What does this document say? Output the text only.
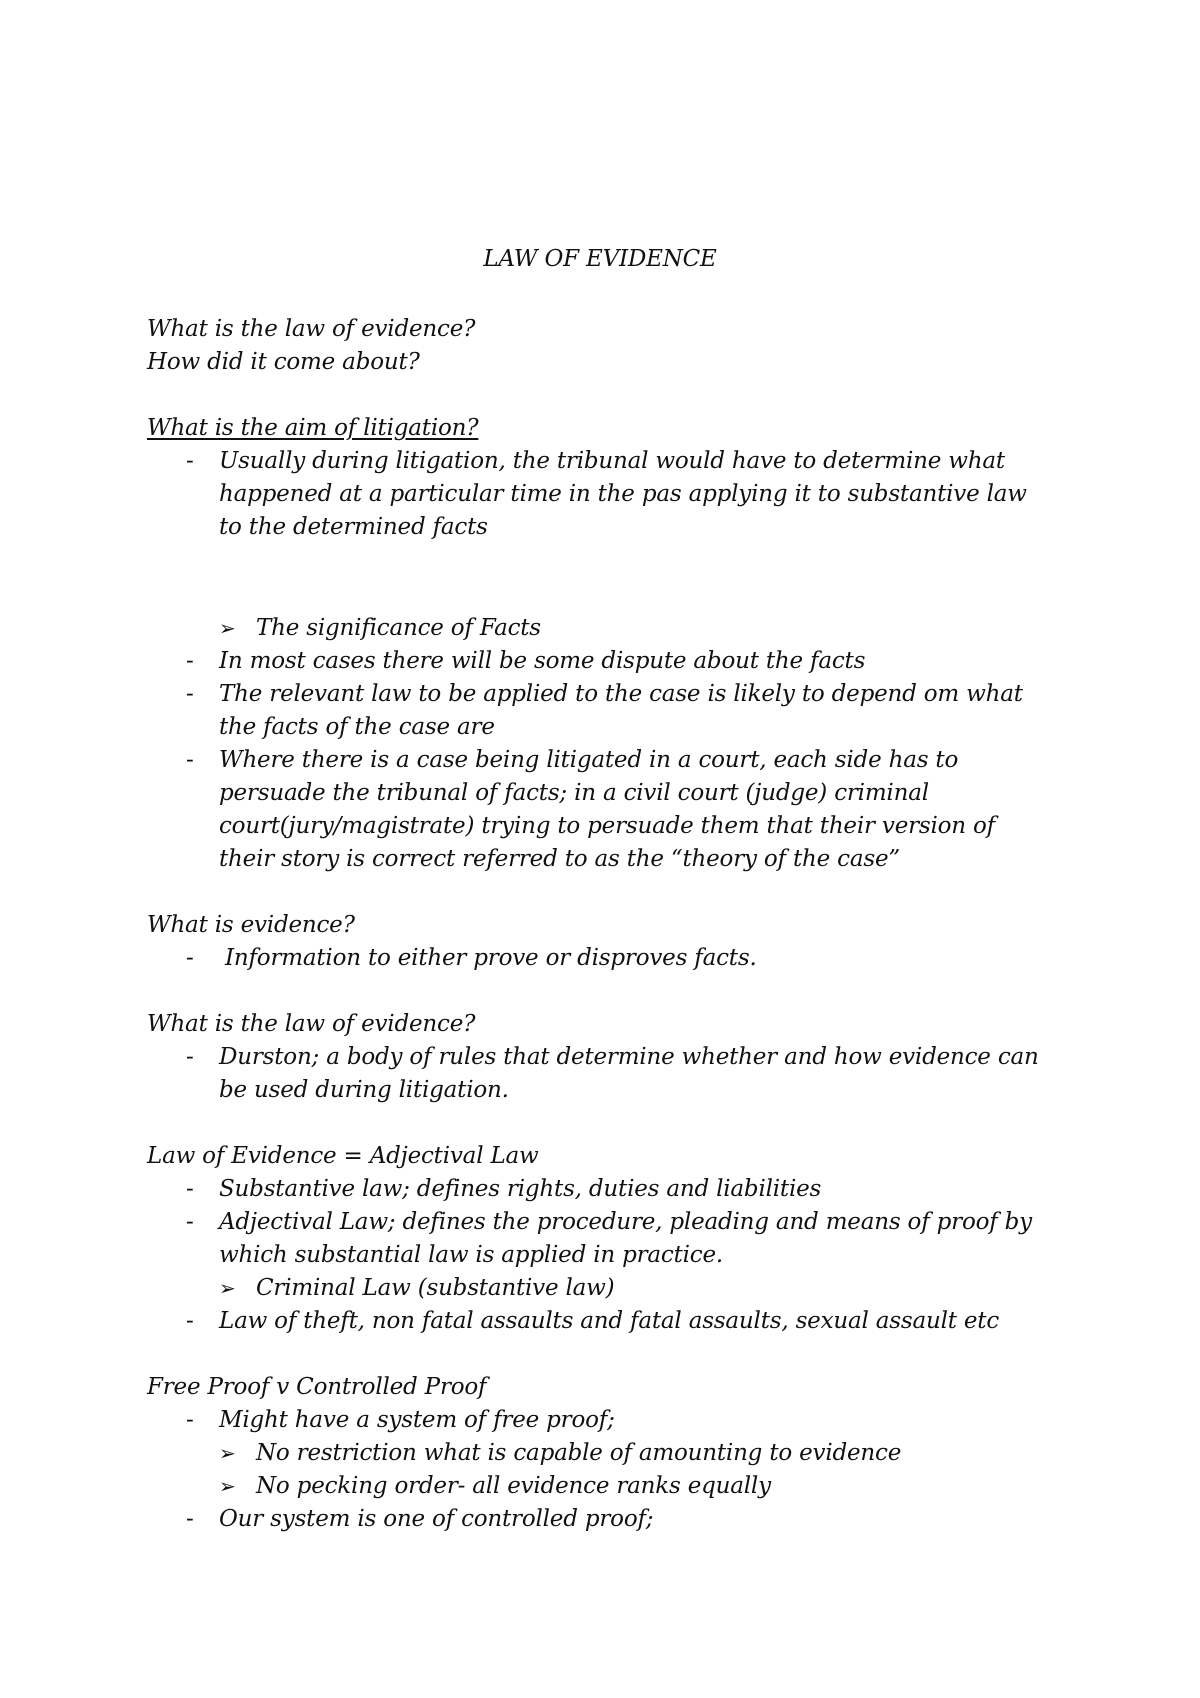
LAW OF EVIDENCE
What is the law of evidence?
How did it come about?
What is the aim of litigation?
- Usually during litigation, the tribunal would have to determine what
happened at a particular time in the pas applying it to substantive law
to the determined facts
➢ The significance of Facts
- In most cases there will be some dispute about the facts
- The relevant law to be applied to the case is likely to depend om what
the facts of the case are
- Where there is a case being litigated in a court, each side has to
persuade the tribunal of facts; in a civil court (judge) criminal
court(jury/magistrate) trying to persuade them that their version of
their story is correct referred to as the “theory of the case”
What is evidence?
- Information to either prove or disproves facts.
What is the law of evidence?
- Durston; a body of rules that determine whether and how evidence can
be used during litigation.
Law of Evidence = Adjectival Law
- Substantive law; defines rights, duties and liabilities
- Adjectival Law; defines the procedure, pleading and means of proof by
which substantial law is applied in practice.
➢ Criminal Law (substantive law)
- Law of theft, non fatal assaults and fatal assaults, sexual assault etc
Free Proof v Controlled Proof
- Might have a system of free proof;
➢ No restriction what is capable of amounting to evidence
➢ No pecking order- all evidence ranks equally
- Our system is one of controlled proof;
